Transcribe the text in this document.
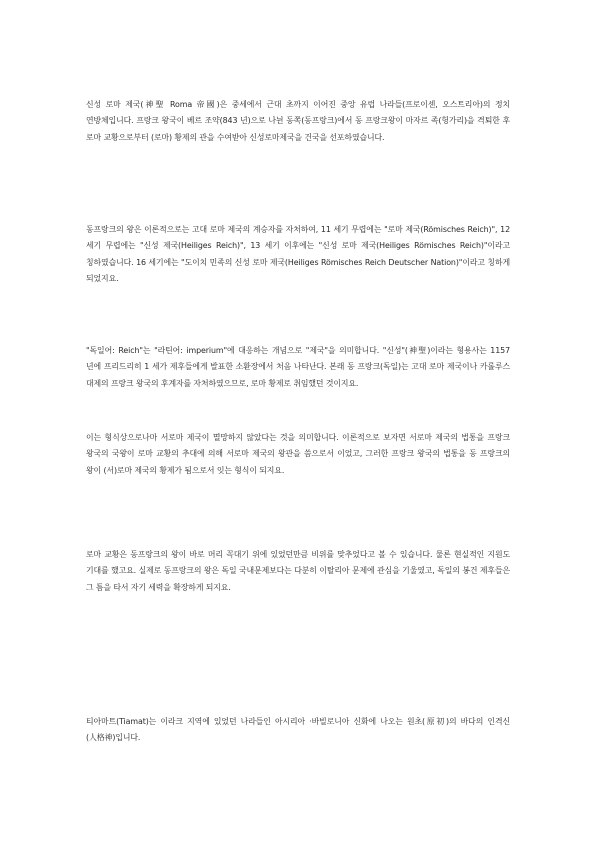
신성 로마 제국(神聖 Roma 帝國)은 중세에서 근대 초까지 이어진 중앙 유럽 나라들(프로이센, 오스트리아)의 정치 연방체입니다. 프랑크 왕국이 베르 조약(843 년)으로 나뉜 동쪽(동프랑크)에서 동 프랑크왕이 마자르 족(헝가리)을 격퇴한 후 로마 교황으로부터 (로마) 황제의 관을 수여받아 신성로마제국을 건국을 선포하였습니다.

동프랑크의 왕은 이론적으로는 고대 로마 제국의 계승자를 자처하여, 11 세기 무렵에는 "로마 제국(Römisches Reich)", 12 세기 무렵에는 "신성 제국(Heiliges Reich)", 13 세기 이후에는 "신성 로마 제국(Heiliges Römisches Reich)"이라고 칭하였습니다. 16 세기에는 "도이치 민족의 신성 로마 제국(Heiliges Römisches Reich Deutscher Nation)"이라고 칭하게 되었지요.

"독일어: Reich"는 "라틴어: imperium"에 대응하는 개념으로 "제국"을 의미합니다. "신성"(神聖)이라는 형용사는 1157 년에 프리드리히 1 세가 제후들에게 발표한 소환장에서 처음 나타난다. 본래 동 프랑크(독일)는 고대 로마 제국이나 카롤루스 대제의 프랑크 왕국의 후계자를 자처하였으므로, 로마 황제로 취임했던 것이지요.

이는 형식상으로나마 서로마 제국이 멸망하지 않았다는 것을 의미합니다. 이론적으로 보자면 서로마 제국의 법통을 프랑크 왕국의 국왕이 로마 교황의 추대에 의해 서로마 제국의 왕관을 씀으로서 이었고, 그러한 프랑크 왕국의 법통을 동 프랑크의 왕이 (서)로마 제국의 황제가 됨으로서 잇는 형식이 되지요.

로마 교황은 동프랑크의 왕이 바로 머리 꼭대기 위에 있었던만큼 비위를 맞추었다고 볼 수 있습니다. 물론 현실적인 지원도 기대를 했고요. 실제로 동프랑크의 왕은 독일 국내문제보다는 다분히 이탈리아 문제에 관심을 기울였고, 독일의 봉건 제후들은 그 틈을 타서 자기 세력을 확장하게 되지요.

티아마트(Tiamat)는 이라크 지역에 있었던 나라들인 아시리아 ·바빌로니아 신화에 나오는 원초(原初)의 바다의 인격신(人格神)입니다.
